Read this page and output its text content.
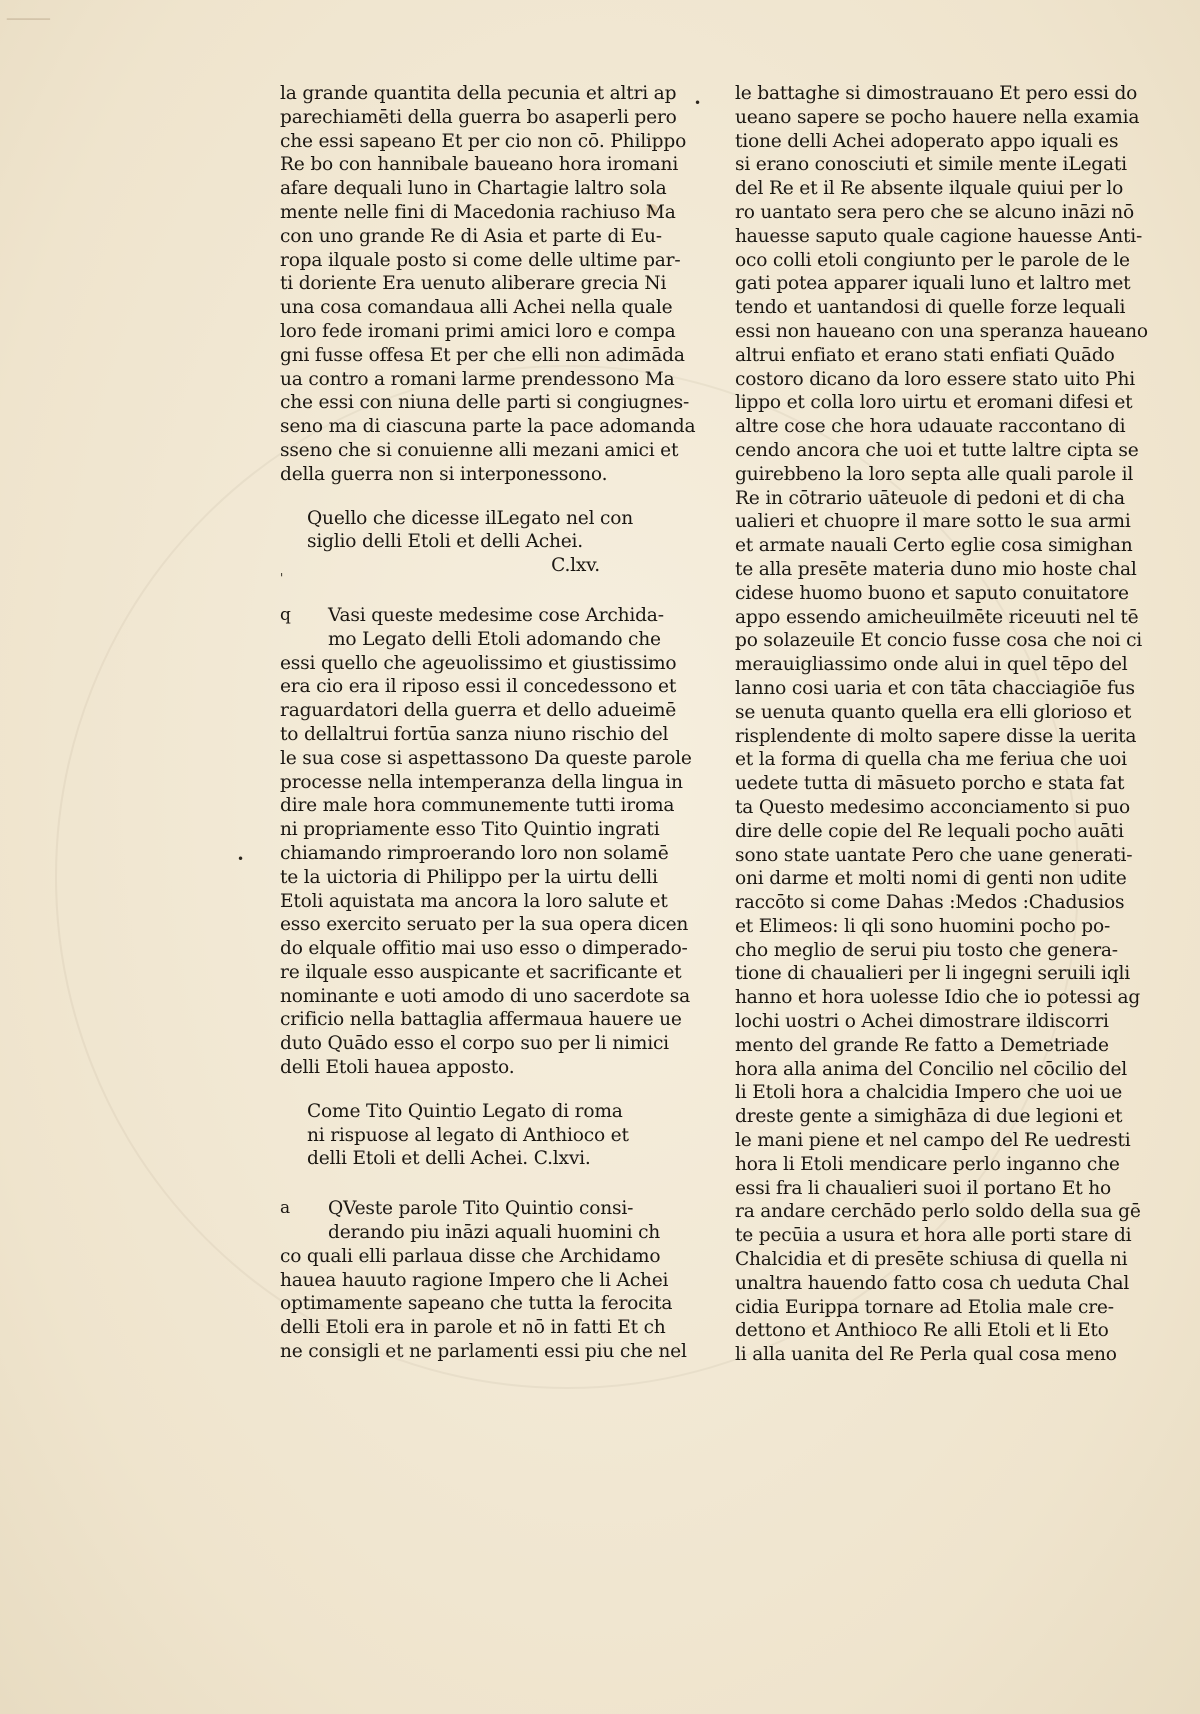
⸻
•
•
'
la grande quantita della pecunia et altri ap
parechiamēti della guerra bo asaperli pero
che essi sapeano Et per cio non cō. Philippo
Re bo con hannibale baueano hora iromani
afare dequali luno in Chartagie laltro sola
mente nelle fini di Macedonia rachiuso Ma
con uno grande Re di Asia et parte di Eu-
ropa ilquale posto si come delle ultime par-
ti doriente Era uenuto aliberare grecia Ni
una cosa comandaua alli Achei nella quale
loro fede iromani primi amici loro e compa
gni fusse offesa Et per che elli non adimāda
ua contro a romani larme prendessono Ma
che essi con niuna delle parti si congiugnes-
seno ma di ciascuna parte la pace adomanda
sseno che si conuienne alli mezani amici et
della guerra non si interponessono.
Quello che dicesse ilLegato nel con
siglio delli Etoli et delli Achei.
C.lxv.
q Vasi queste medesime cose Archida-
mo Legato delli Etoli adomando che
essi quello che ageuolissimo et giustissimo
era cio era il riposo essi il concedessono et
raguardatori della guerra et dello adueimē
to dellaltrui fortūa sanza niuno rischio del
le sua cose si aspettassono Da queste parole
processe nella intemperanza della lingua in
dire male hora communemente tutti iroma
ni propriamente esso Tito Quintio ingrati
chiamando rimproerando loro non solamē
te la uictoria di Philippo per la uirtu delli
Etoli aquistata ma ancora la loro salute et
esso exercito seruato per la sua opera dicen
do elquale offitio mai uso esso o dimperado-
re ilquale esso auspicante et sacrificante et
nominante e uoti amodo di uno sacerdote sa
crificio nella battaglia affermaua hauere ue
duto Quādo esso el corpo suo per li nimici
delli Etoli hauea apposto.
Come Tito Quintio Legato di roma
ni rispuose al legato di Anthioco et
delli Etoli et delli Achei. C.lxvi.
a QVeste parole Tito Quintio consi-
derando piu ināzi aquali huomini ch
co quali elli parlaua disse che Archidamo
hauea hauuto ragione Impero che li Achei
optimamente sapeano che tutta la ferocita
delli Etoli era in parole et nō in fatti Et ch
ne consigli et ne parlamenti essi piu che nel
le battaghe si dimostrauano Et pero essi do
ueano sapere se pocho hauere nella examia
tione delli Achei adoperato appo iquali es
si erano conosciuti et simile mente iLegati
del Re et il Re absente ilquale quiui per lo
ro uantato sera pero che se alcuno ināzi nō
hauesse saputo quale cagione hauesse Anti-
oco colli etoli congiunto per le parole de le
gati potea apparer iquali luno et laltro met
tendo et uantandosi di quelle forze lequali
essi non haueano con una speranza haueano
altrui enfiato et erano stati enfiati Quādo
costoro dicano da loro essere stato uito Phi
lippo et colla loro uirtu et eromani difesi et
altre cose che hora udauate raccontano di
cendo ancora che uoi et tutte laltre cipta se
guirebbeno la loro septa alle quali parole il
Re in cōtrario uāteuole di pedoni et di cha
ualieri et chuopre il mare sotto le sua armi
et armate nauali Certo eglie cosa simighan
te alla presēte materia duno mio hoste chal
cidese huomo buono et saputo conuitatore
appo essendo amicheuilmēte riceuuti nel tē
po solazeuile Et concio fusse cosa che noi ci
merauigliassimo onde alui in quel tēpo del
lanno cosi uaria et con tāta chacciagiōe fus
se uenuta quanto quella era elli glorioso et
risplendente di molto sapere disse la uerita
et la forma di quella cha me feriua che uoi
uedete tutta di māsueto porcho e stata fat
ta Questo medesimo acconciamento si puo
dire delle copie del Re lequali pocho auāti
sono state uantate Pero che uane generati-
oni darme et molti nomi di genti non udite
raccōto si come Dahas :Medos :Chadusios
et Elimeos: li qli sono huomini pocho po-
cho meglio de serui piu tosto che genera-
tione di chaualieri per li ingegni seruili iqli
hanno et hora uolesse Idio che io potessi ag
lochi uostri o Achei dimostrare ildiscorri
mento del grande Re fatto a Demetriade
hora alla anima del Concilio nel cōcilio del
li Etoli hora a chalcidia Impero che uoi ue
dreste gente a simighāza di due legioni et
le mani piene et nel campo del Re uedresti
hora li Etoli mendicare perlo inganno che
essi fra li chaualieri suoi il portano Et ho
ra andare cerchādo perlo soldo della sua gē
te pecūia a usura et hora alle porti stare di
Chalcidia et di presēte schiusa di quella ni
unaltra hauendo fatto cosa ch ueduta Chal
cidia Eurippa tornare ad Etolia male cre-
dettono et Anthioco Re alli Etoli et li Eto
li alla uanita del Re Perla qual cosa meno
